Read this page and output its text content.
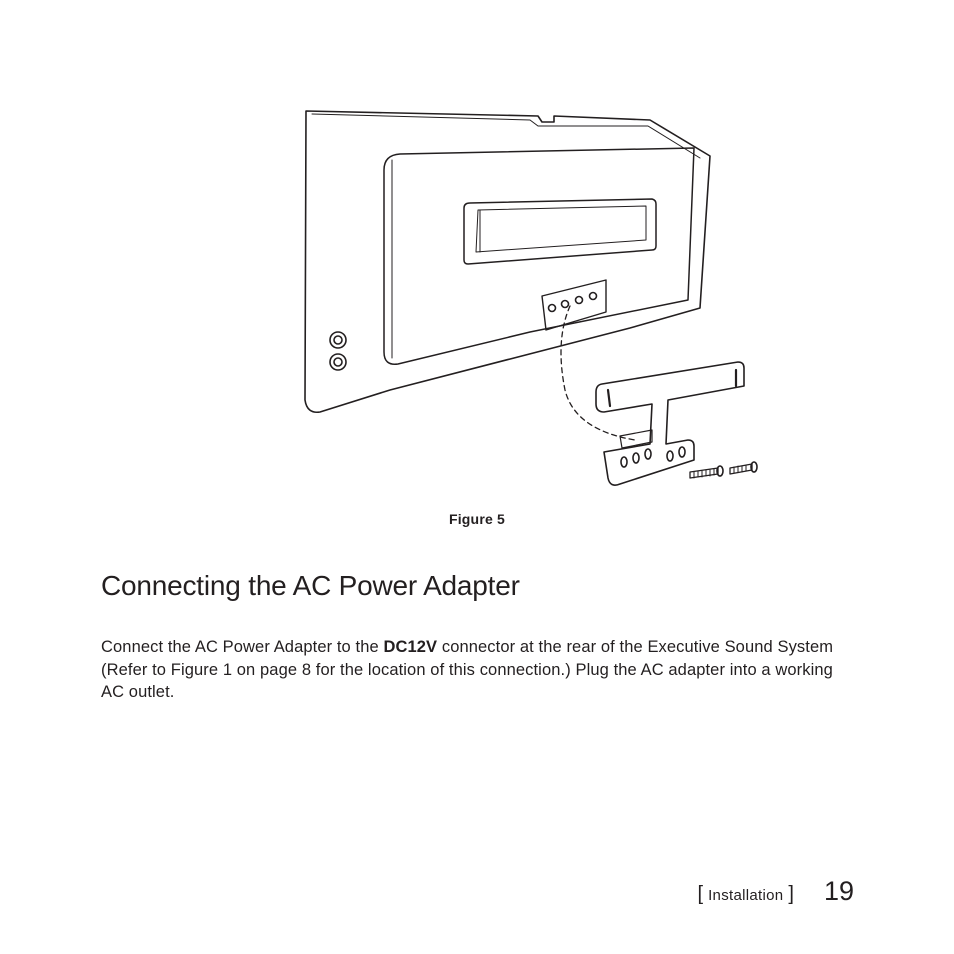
Figure 5
Connecting the AC Power Adapter

Connect the AC Power Adapter to the DC12V connector at the rear of the Executive Sound System (Refer to Figure 1 on page 8 for the location of this connection.) Plug the AC adapter into a working AC outlet.

[ Installation ] 19
